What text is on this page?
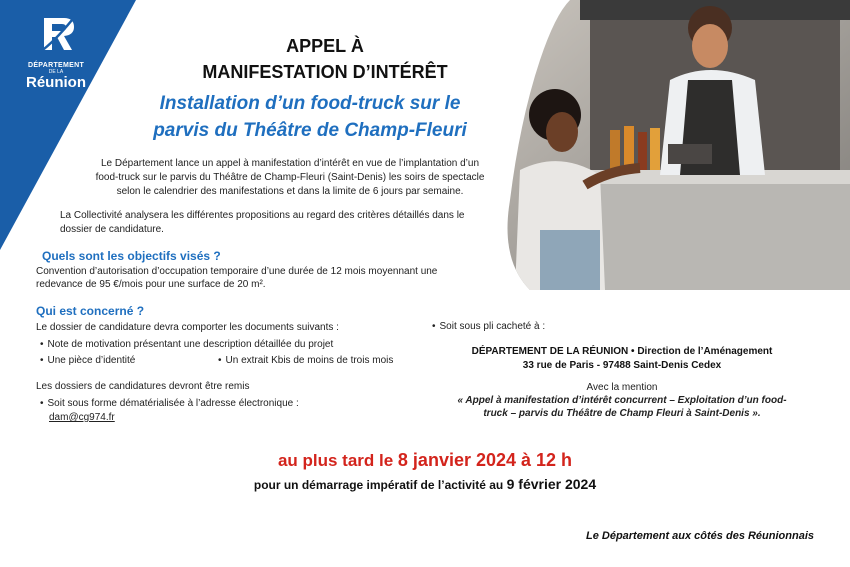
DÉPARTEMENT
DE LA
Réunion
APPEL À
MANIFESTATION D’INTÉRÊT
Installation d’un food-truck sur le
parvis du Théâtre de Champ-Fleuri
Le Département lance un appel à manifestation d’intérêt en vue de l’implantation d’un
food-truck sur le parvis du Théâtre de Champ-Fleuri (Saint-Denis) les soirs de spectacle
selon le calendrier des manifestations et dans la limite de 6 jours par semaine.
La Collectivité analysera les différentes propositions au regard des critères détaillés dans le
dossier de candidature.
Quels sont les objectifs visés ?
Convention d’autorisation d’occupation temporaire d’une durée de 12 mois moyennant une
redevance de 95 €/mois pour une surface de 20 m².
Qui est concerné ?
Le dossier de candidature devra comporter les documents suivants :
• Note de motivation présentant une description détaillée du projet
• Une pièce d’identité
•	Un extrait Kbis de moins de trois mois
Les dossiers de candidatures devront être remis
• Soit sous forme dématérialisée à l’adresse électronique :
dam@cg974.fr
• Soit sous pli cacheté à :
DÉPARTEMENT DE LA RÉUNION • Direction de l’Aménagement
33 rue de Paris - 97488 Saint-Denis Cedex
Avec la mention
« Appel à manifestation d’intérêt concurrent – Exploitation d’un food-
truck – parvis du Théâtre de Champ Fleuri à Saint-Denis ».
au plus tard le 8 janvier 2024 à 12 h
pour un démarrage impératif de l’activité au 9 février 2024
Le Département aux côtés des Réunionnais
